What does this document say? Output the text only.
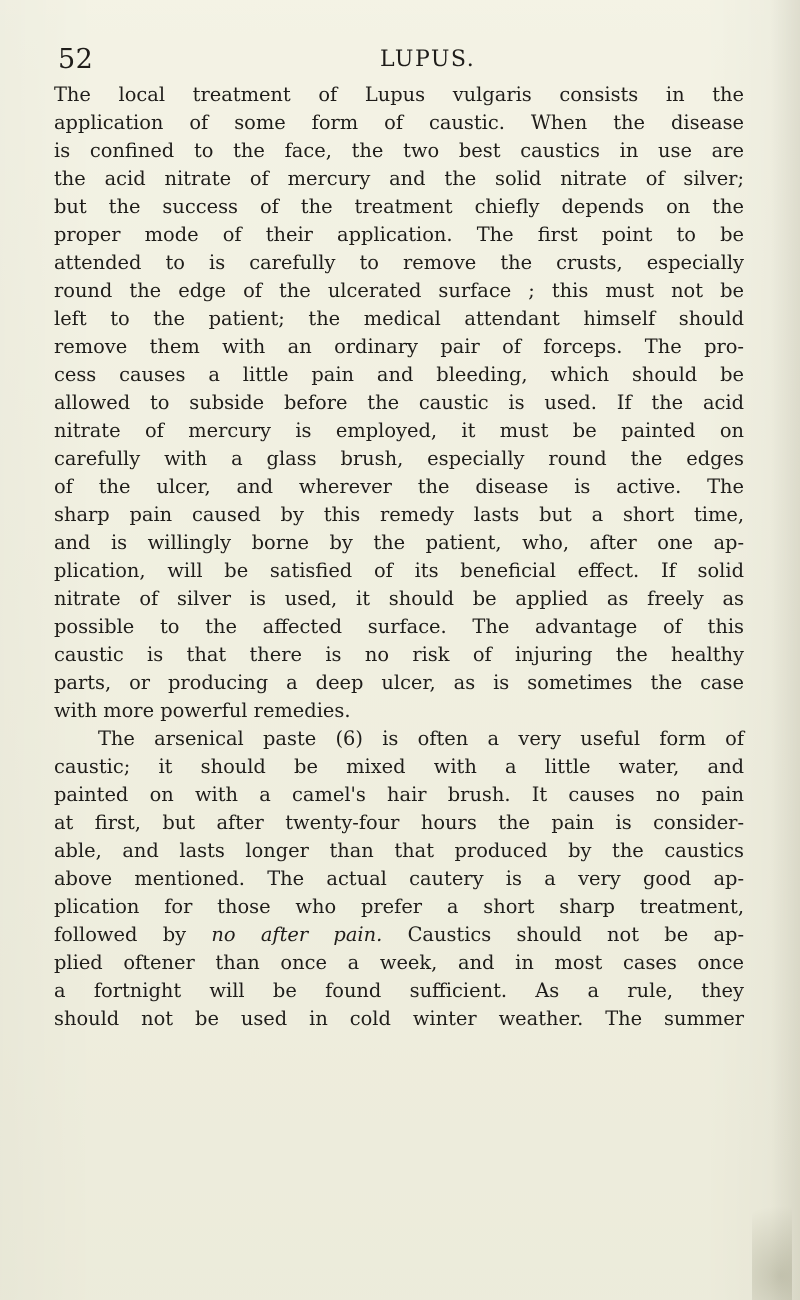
52	LUPUS.
The local treatment of Lupus vulgaris consists in the
application of some form of caustic. When the disease
is confined to the face, the two best caustics in use are
the acid nitrate of mercury and the solid nitrate of silver;
but the success of the treatment chiefly depends on the
proper mode of their application. The first point to be
attended to is carefully to remove the crusts, especially
round the edge of the ulcerated surface ; this must not be
left to the patient; the medical attendant himself should
remove them with an ordinary pair of forceps. The pro-
cess causes a little pain and bleeding, which should be
allowed to subside before the caustic is used. If the acid
nitrate of mercury is employed, it must be painted on
carefully with a glass brush, especially round the edges
of the ulcer, and wherever the disease is active. The
sharp pain caused by this remedy lasts but a short time,
and is willingly borne by the patient, who, after one ap-
plication, will be satisfied of its beneficial effect. If solid
nitrate of silver is used, it should be applied as freely as
possible to the affected surface. The advantage of this
caustic is that there is no risk of injuring the healthy
parts, or producing a deep ulcer, as is sometimes the case
with more powerful remedies.
The arsenical paste (6) is often a very useful form of
caustic; it should be mixed with a little water, and
painted on with a camel's hair brush. It causes no pain
at first, but after twenty-four hours the pain is consider-
able, and lasts longer than that produced by the caustics
above mentioned. The actual cautery is a very good ap-
plication for those who prefer a short sharp treatment,
followed by no after pain. Caustics should not be ap-
plied oftener than once a week, and in most cases once
a fortnight will be found sufficient. As a rule, they
should not be used in cold winter weather. The summer
